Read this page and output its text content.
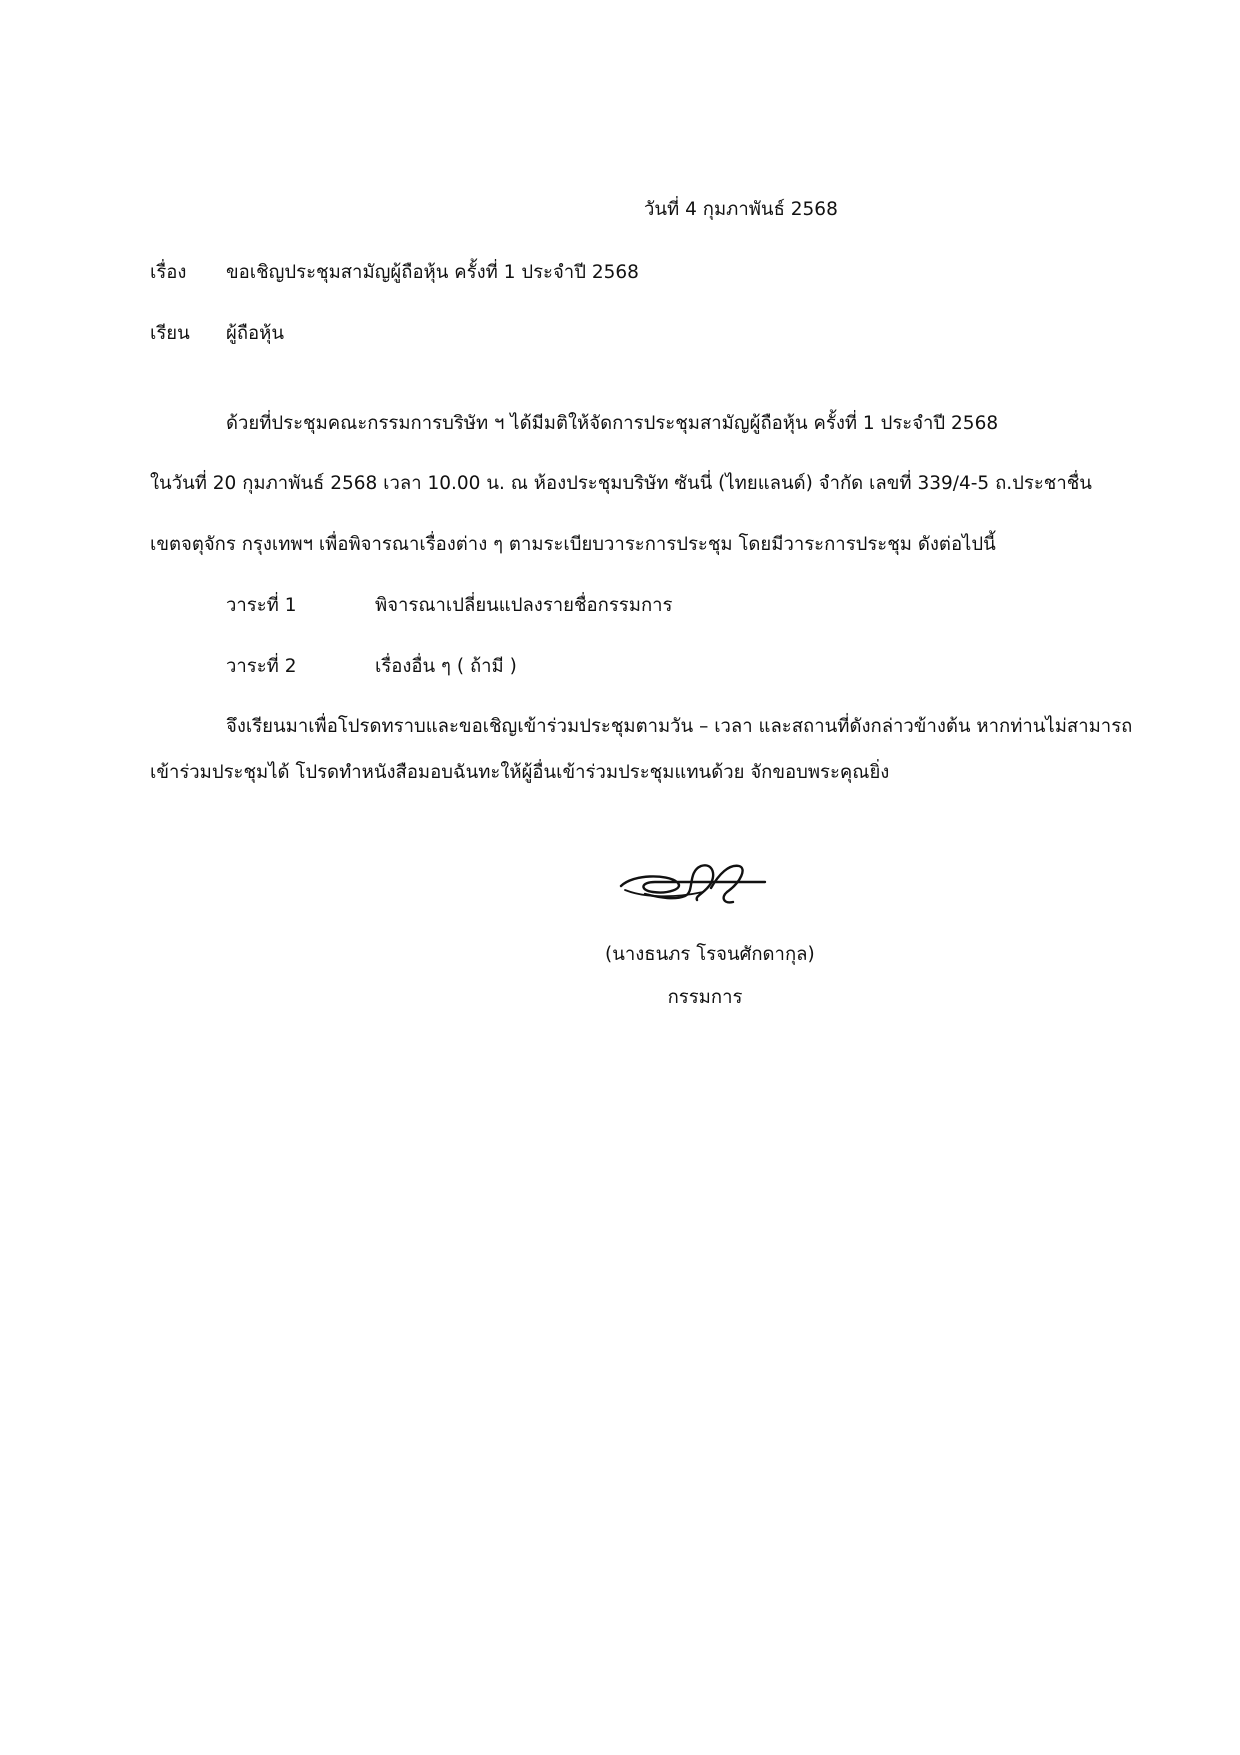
วันที่ 4 กุมภาพันธ์ 2568
เรื่อง ขอเชิญประชุมสามัญผู้ถือหุ้น ครั้งที่ 1 ประจำปี 2568
เรียน ผู้ถือหุ้น
ด้วยที่ประชุมคณะกรรมการบริษัท ฯ ได้มีมติให้จัดการประชุมสามัญผู้ถือหุ้น ครั้งที่ 1 ประจำปี 2568
ในวันที่ 20 กุมภาพันธ์ 2568 เวลา 10.00 น. ณ ห้องประชุมบริษัท ซันนี่ (ไทยแลนด์) จำกัด เลขที่ 339/4-5 ถ.ประชาชื่น
เขตจตุจักร กรุงเทพฯ เพื่อพิจารณาเรื่องต่าง ๆ ตามระเบียบวาระการประชุม โดยมีวาระการประชุม ดังต่อไปนี้
วาระที่ 1	พิจารณาเปลี่ยนแปลงรายชื่อกรรมการ
วาระที่ 2	เรื่องอื่น ๆ ( ถ้ามี )
จึงเรียนมาเพื่อโปรดทราบและขอเชิญเข้าร่วมประชุมตามวัน – เวลา และสถานที่ดังกล่าวข้างต้น หากท่านไม่สามารถ
เข้าร่วมประชุมได้ โปรดทำหนังสือมอบฉันทะให้ผู้อื่นเข้าร่วมประชุมแทนด้วย จักขอบพระคุณยิ่ง
(นางธนภร โรจนศักดากุล)
กรรมการ
